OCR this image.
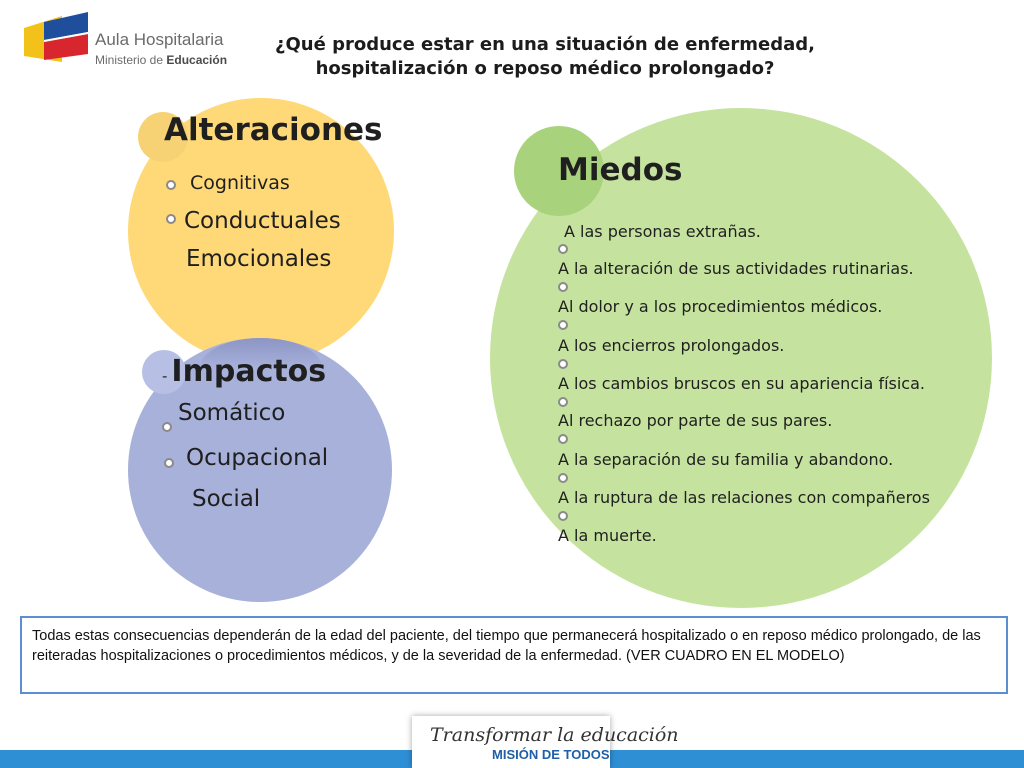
Aula Hospitalaria
Ministerio de Educación
¿Qué produce estar en una situación de enfermedad, hospitalización o reposo médico prolongado?
Alteraciones
Cognitivas
Conductuales
Emocionales
- Impactos
Somático
Ocupacional
Social
Miedos
A las personas extrañas.
A la alteración de sus actividades rutinarias.
Al dolor y a los procedimientos médicos.
A los encierros prolongados.
A los cambios bruscos en su apariencia física.
Al rechazo por parte de sus pares.
A la separación de su familia y abandono.
A la ruptura de las relaciones con compañeros
A la muerte.
Todas estas consecuencias dependerán de la edad del paciente, del tiempo que permanecerá hospitalizado o en reposo médico prolongado, de las reiteradas hospitalizaciones o procedimientos médicos, y de la severidad de la enfermedad. (VER CUADRO EN EL MODELO)
Transformar la educación
MISIÓN DE TODOS
